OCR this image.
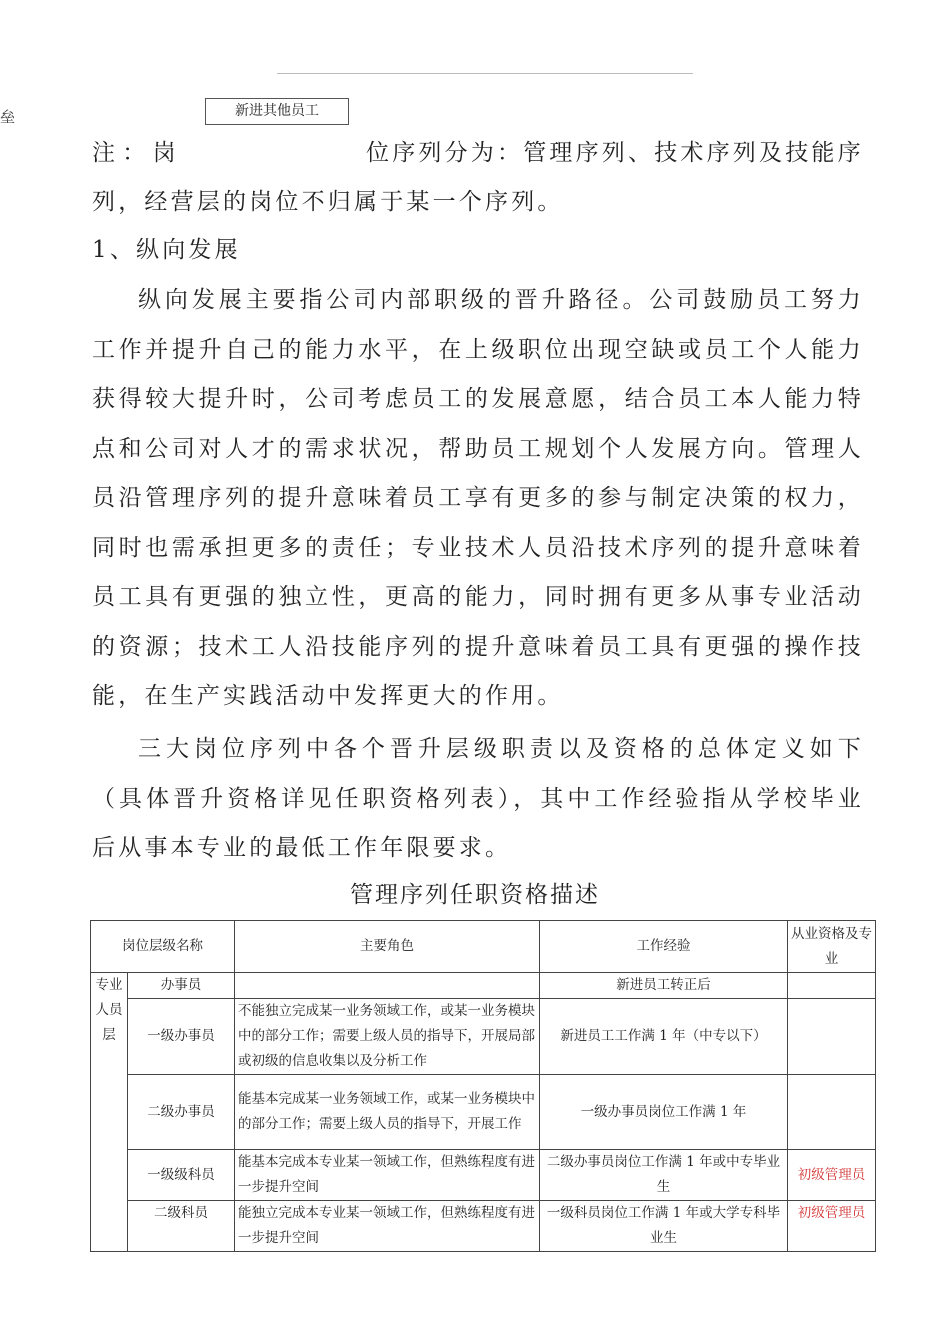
垒	新进其他员工
注 ： 岗	位序列分为：管理序列、技术序列及技能序

列，经营层的岗位不归属于某一个序列。

1、纵向发展

纵向发展主要指公司内部职级的晋升路径。公司鼓励员工努力工作并提升自己的能力水平，在上级职位出现空缺或员工个人能力获得较大提升时，公司考虑员工的发展意愿，结合员工本人能力特点和公司对人才的需求状况，帮助员工规划个人发展方向。管理人员沿管理序列的提升意味着员工享有更多的参与制定决策的权力，同时也需承担更多的责任；专业技术人员沿技术序列的提升意味着员工具有更强的独立性，更高的能力，同时拥有更多从事专业活动的资源；技术工人沿技能序列的提升意味着员工具有更强的操作技能，在生产实践活动中发挥更大的作用。

三大岗位序列中各个晋升层级职责以及资格的总体定义如下（具体晋升资格详见任职资格列表），其中工作经验指从学校毕业后从事本专业的最低工作年限要求。

管理序列任职资格描述
岗位层级名称		主要角色	工作经验	从业资格及专业
专业人员层	办事员		新进员工转正后	
	一级办事员	不能独立完成某一业务领域工作，或某一业务模块中的部分工作；需要上级人员的指导下，开展局部或初级的信息收集以及分析工作	新进员工工作满 1 年（中专以下）	
	二级办事员	能基本完成某一业务领域工作，或某一业务模块中的部分工作；需要上级人员的指导下，开展工作	一级办事员岗位工作满 1 年	
	一级级科员	能基本完成本专业某一领域工作，但熟练程度有进一步提升空间	二级办事员岗位工作满 1 年或中专毕业生	初级管理员
	二级科员	能独立完成本专业某一领域工作，但熟练程度有进一步提升空间	一级科员岗位工作满 1 年或大学专科毕业生	初级管理员
